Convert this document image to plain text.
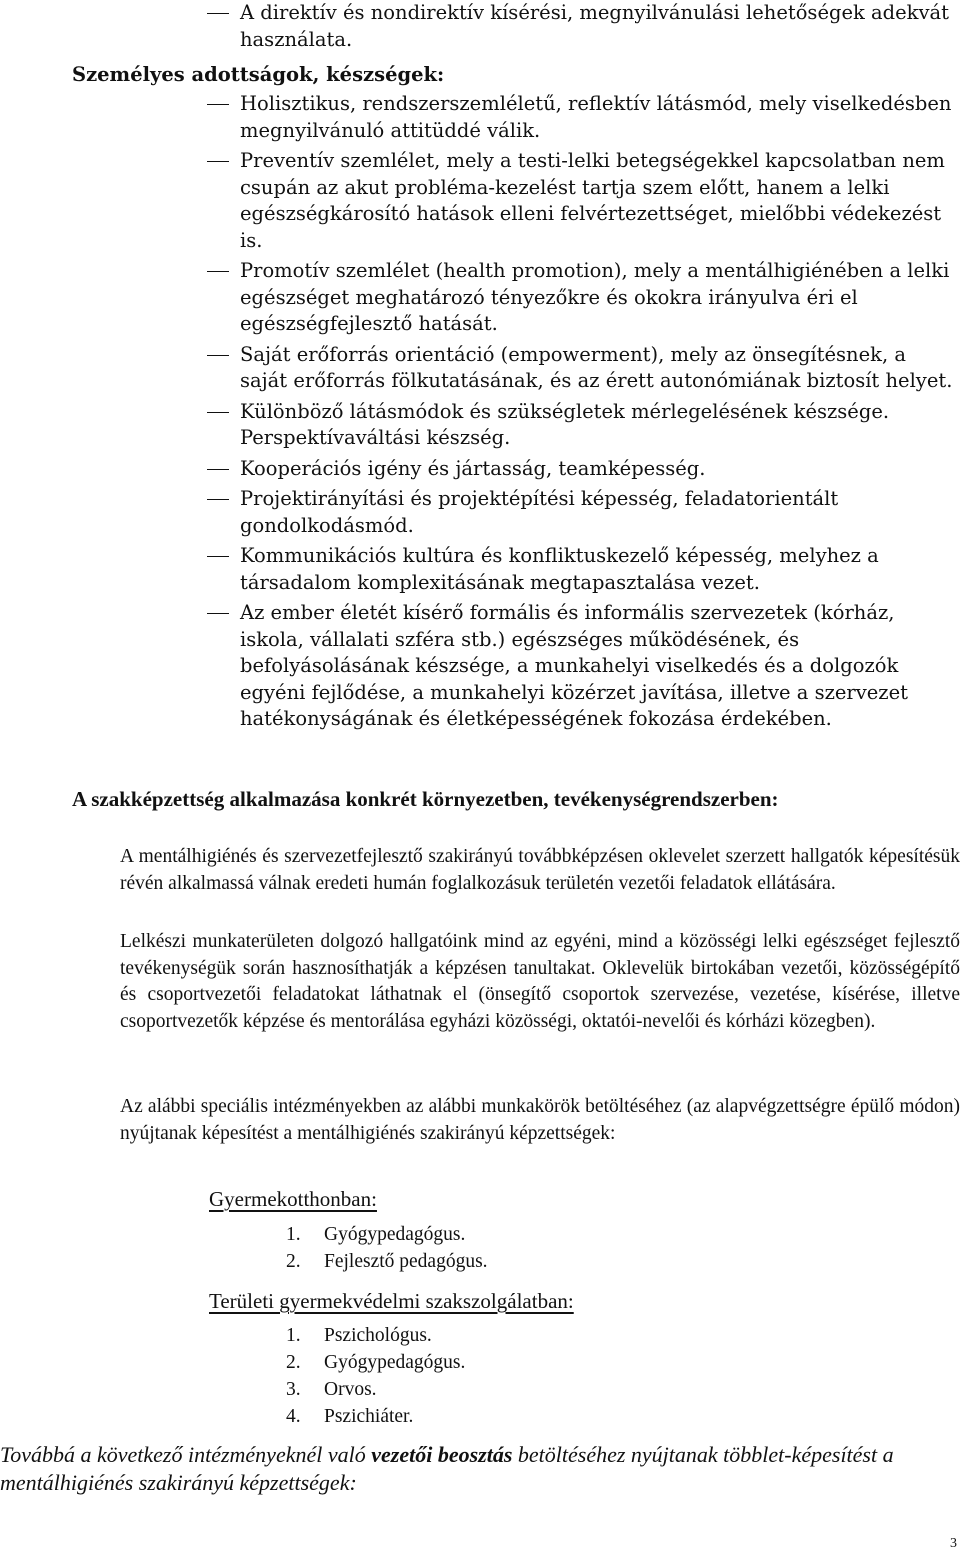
A direktív és nondirektív kísérési, megnyilvánulási lehetőségek adekvát használata.
Személyes adottságok, készségek:
Holisztikus, rendszerszemléletű, reflektív látásmód, mely viselkedésben megnyilvánuló attitüddé válik.
Preventív szemlélet, mely a testi-lelki betegségekkel kapcsolatban nem csupán az akut probléma-kezelést tartja szem előtt, hanem a lelki egészségkárosító hatások elleni felvértezettséget, mielőbbi védekezést is.
Promotív szemlélet (health promotion), mely a mentálhigiénében a lelki egészséget meghatározó tényezőkre és okokra irányulva éri el egészségfejlesztő hatását.
Saját erőforrás orientáció (empowerment), mely az önsegítésnek, a saját erőforrás fölkutatásának, és az érett autonómiának biztosít helyet.
Különböző látásmódok és szükségletek mérlegelésének készsége. Perspektívaváltási készség.
Kooperációs igény és jártasság, teamképesség.
Projektirányítási és projektépítési képesség, feladatorientált gondolkodásmód.
Kommunikációs kultúra és konfliktuskezelő képesség, melyhez a társadalom komplexitásának megtapasztalása vezet.
Az ember életét kísérő formális és informális szervezetek (kórház, iskola, vállalati szféra stb.) egészséges működésének, és befolyásolásának készsége, a munkahelyi viselkedés és a dolgozók egyéni fejlődése, a munkahelyi közérzet javítása, illetve a szervezet hatékonyságának és életképességének fokozása érdekében.
A szakképzettség alkalmazása konkrét környezetben, tevékenységrendszerben:
A mentálhigiénés és szervezetfejlesztő szakirányú továbbképzésen oklevelet szerzett hallgatók képesítésük révén alkalmassá válnak eredeti humán foglalkozásuk területén vezetői feladatok ellátására.
Lelkészi munkaterületen dolgozó hallgatóink mind az egyéni, mind a közösségi lelki egészséget fejlesztő tevékenységük során hasznosíthatják a képzésen tanultakat. Oklevelük birtokában vezetői, közösségépítő és csoportvezetői feladatokat láthatnak el (önsegítő csoportok szervezése, vezetése, kísérése, illetve csoportvezetők képzése és mentorálása egyházi közösségi, oktatói-nevelői és kórházi közegben).
Az alábbi speciális intézményekben az alábbi munkakörök betöltéséhez (az alapvégzettségre épülő módon) nyújtanak képesítést a mentálhigiénés szakirányú képzettségek:
Gyermekotthonban:
1. Gyógypedagógus.
2. Fejlesztő pedagógus.
Területi gyermekvédelmi szakszolgálatban:
1. Pszichológus.
2. Gyógypedagógus.
3. Orvos.
4. Pszichiáter.
Továbbá a következő intézményeknél való vezetői beosztás betöltéséhez nyújtanak többlet-képesítést a mentálhigiénés szakirányú képzettségek:
3
